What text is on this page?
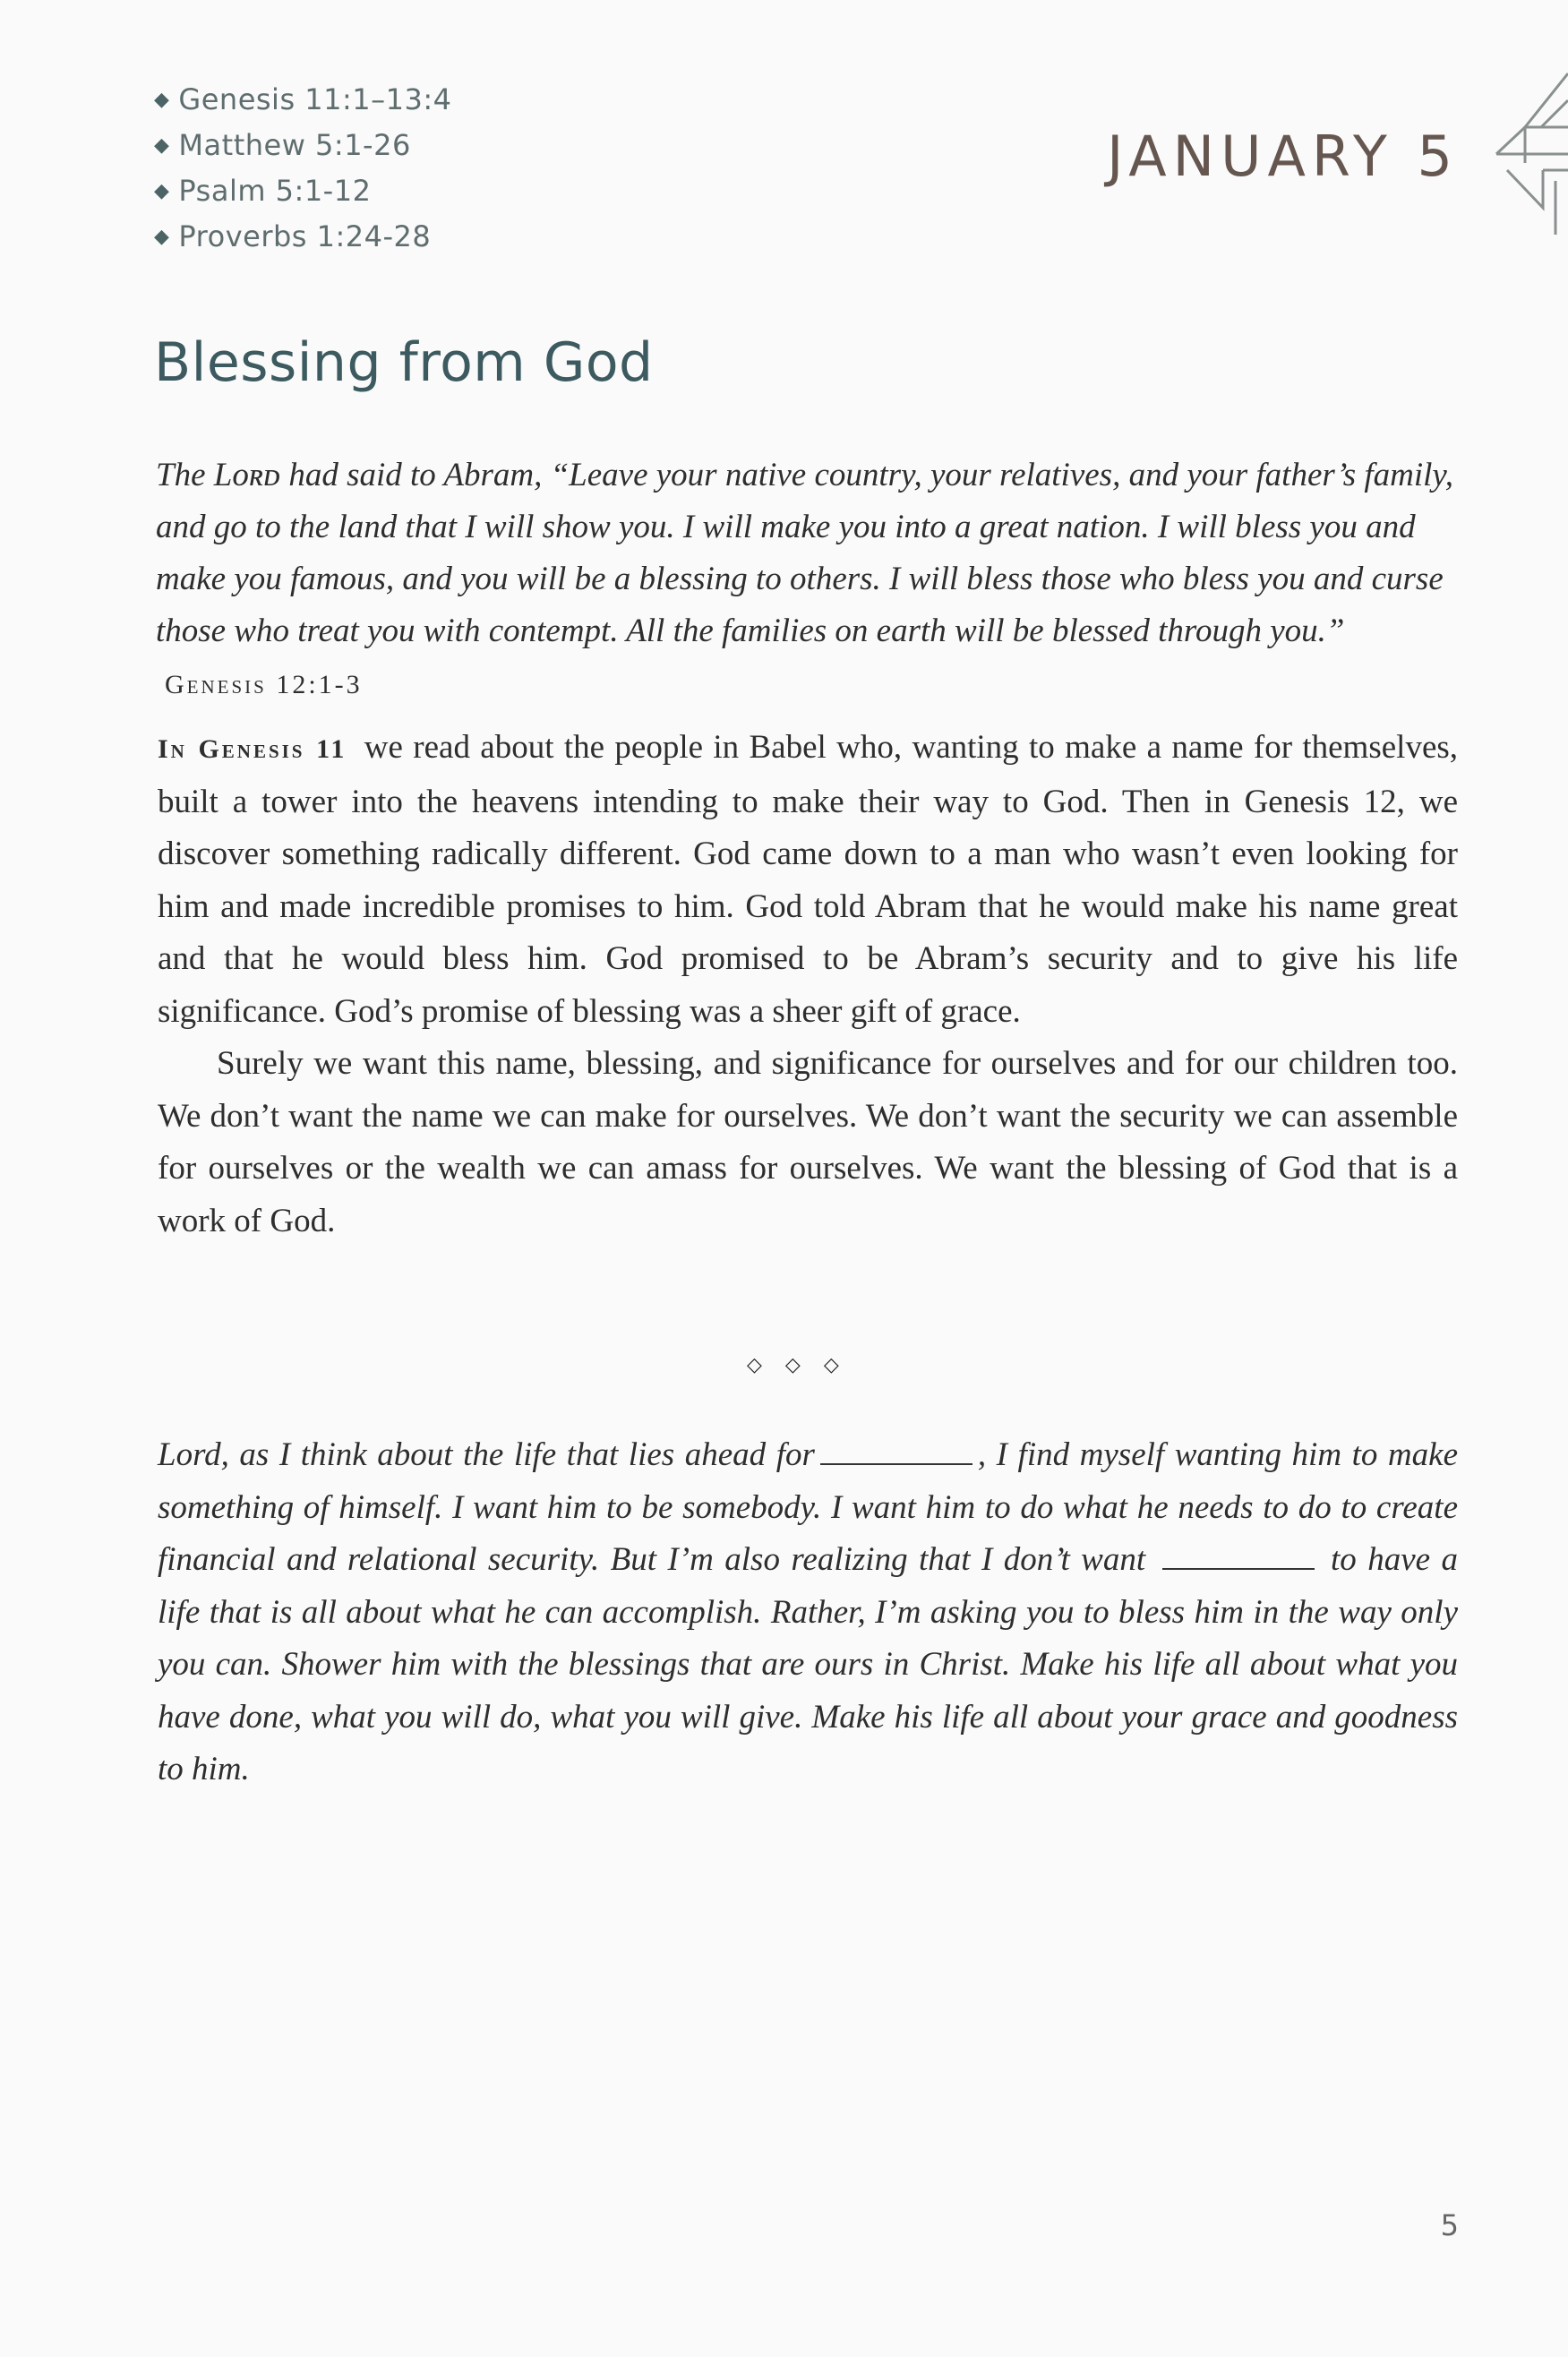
◆ Genesis 11:1–13:4
◆ Matthew 5:1-26
◆ Psalm 5:1-12
◆ Proverbs 1:24-28
JANUARY 5
Blessing from God
The Lᴏʀᴅ had said to Abram, “Leave your native country, your relatives, and your father’s family, and go to the land that I will show you. I will make you into a great nation. I will bless you and make you famous, and you will be a blessing to others. I will bless those who bless you and curse those who treat you with contempt. All the families on earth will be blessed through you.” Genesis 12:1-3

In Genesis 11 we read about the people in Babel who, wanting to make a name for themselves, built a tower into the heavens intending to make their way to God. Then in Genesis 12, we discover something radically different. God came down to a man who wasn’t even looking for him and made incredible promises to him. God told Abram that he would make his name great and that he would bless him. God promised to be Abram’s security and to give his life significance. God’s promise of blessing was a sheer gift of grace.

Surely we want this name, blessing, and significance for ourselves and for our children too. We don’t want the name we can make for ourselves. We don’t want the security we can assemble for ourselves or the wealth we can amass for ourselves. We want the blessing of God that is a work of God.

◇◇◇
Lord, as I think about the life that lies ahead for	, I find myself wanting him to make something of himself. I want him to be somebody. I want him to do what he needs to do to create financial and relational security. But I’m also realizing that I don’t want	to have a life that is all about what he can accomplish. Rather, I’m asking you to bless him in the way only you can. Shower him with the blessings that are ours in Christ. Make his life all about what you have done, what you will do, what you will give. Make his life all about your grace and goodness to him.
5
